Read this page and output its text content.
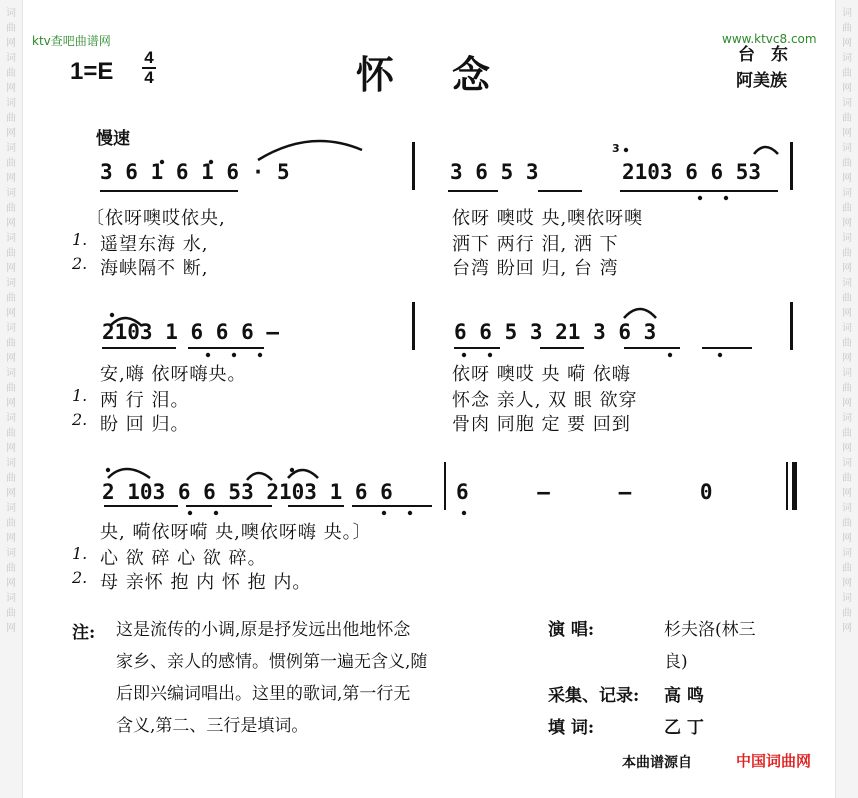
词曲网词曲网词曲网词曲网词曲网词曲网词曲网词曲网词曲网词曲网词曲网词曲网词曲网词曲网
词曲网词曲网词曲网词曲网词曲网词曲网词曲网词曲网词曲网词曲网词曲网词曲网词曲网词曲网
ktv查吧曲谱网	www.ktvc8.com
1=E
4
4	怀念	台东
阿美族
慢速
3 6 1 6 1 6 · 5	3 6 5 3
3
2103 6 6 53
〔依呀噢哎依央,	依呀 噢哎 央,噢依呀噢
1. 遥望东海 水,	洒下 两行 泪, 洒 下
2. 海峡隔不 断,	台湾 盼回 归, 台 湾
2103 1 6 6 6 –	6 6 5 3 21 3 6 3
安,嗨 依呀嗨央。	依呀 噢哎 央 嗬 依嗨
1. 两 行 泪。	怀念 亲人, 双 眼 欲穿
2. 盼 回 归。	骨肉 同胞 定 要 回到
2 103 6 6 53 2103 1 6 6	6 – – 0
央, 嗬依呀嗬 央,噢依呀嗨 央。〕
1. 心 欲 碎 心 欲 碎。
2. 母 亲怀 抱 内 怀 抱 内。
注: 这是流传的小调,原是抒发远出他地怀念
家乡、亲人的感情。惯例第一遍无含义,随
后即兴编词唱出。这里的歌词,第一行无
含义,第二、三行是填词。
演 唱:	杉夫洛(林三
良)
采集、记录: 高 鸣
填 词:	乙 丁
本曲谱源自	中国词曲网
